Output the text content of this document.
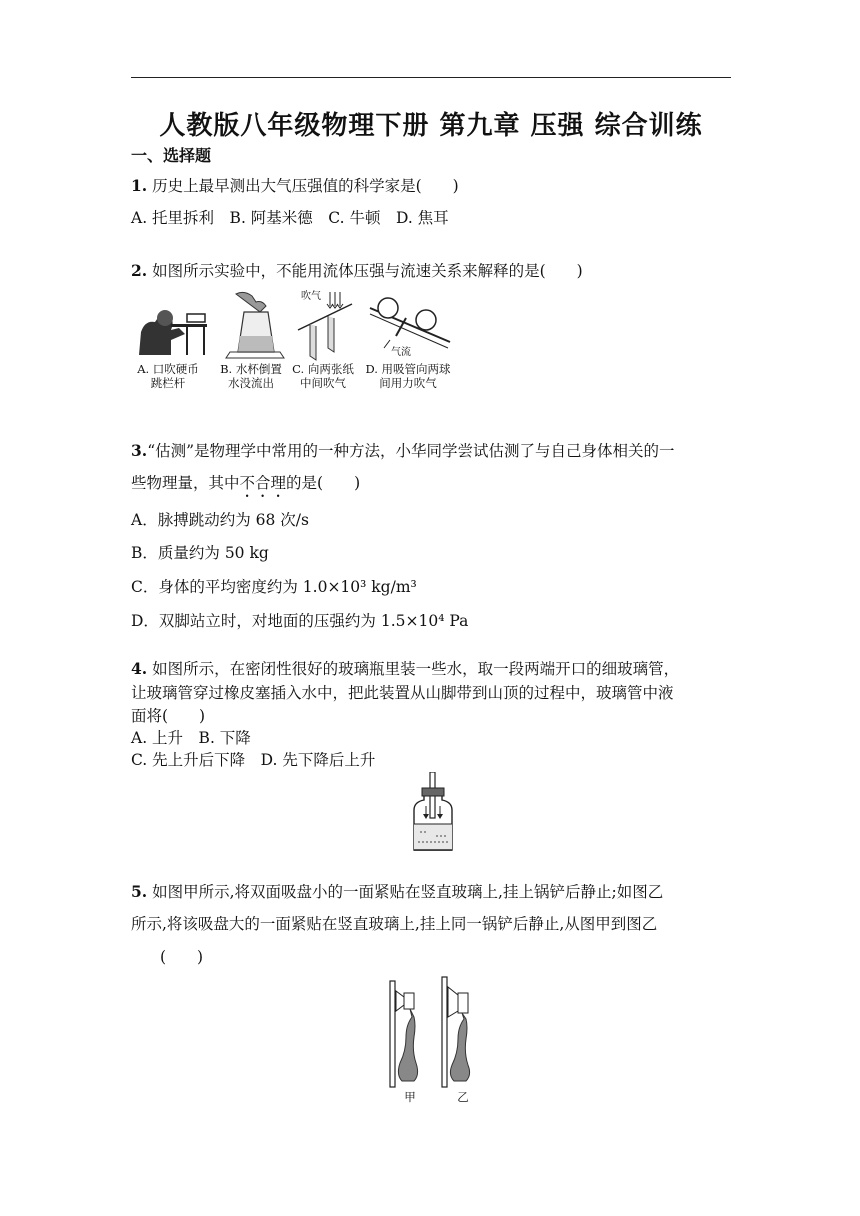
人教版八年级物理下册 第九章 压强 综合训练
一、选择题
1. 历史上最早测出大气压强值的科学家是(　　)
A. 托里拆利　B. 阿基米德　C. 牛顿　D. 焦耳
2. 如图所示实验中，不能用流体压强与流速关系来解释的是(　　)
A. 口吹硬币
跳栏杆
B. 水杯倒置
水没流出
吹气
C. 向两张纸
中间吹气
气流
D. 用吸管向两球
间用力吹气
3.“估测”是物理学中常用的一种方法，小华同学尝试估测了与自己身体相关的一
些物理量，其中不合理的是(　　)
A．脉搏跳动约为 68 次/s
B．质量约为 50 kg
C．身体的平均密度约为 1.0×10³ kg/m³
D．双脚站立时，对地面的压强约为 1.5×10⁴ Pa
4. 如图所示，在密闭性很好的玻璃瓶里装一些水，取一段两端开口的细玻璃管，
让玻璃管穿过橡皮塞插入水中，把此装置从山脚带到山顶的过程中，玻璃管中液
面将(　　)
A. 上升　B. 下降
C. 先上升后下降　D. 先下降后上升
5. 如图甲所示,将双面吸盘小的一面紧贴在竖直玻璃上,挂上锅铲后静止;如图乙
所示,将该吸盘大的一面紧贴在竖直玻璃上,挂上同一锅铲后静止,从图甲到图乙
(　　)
甲	乙
